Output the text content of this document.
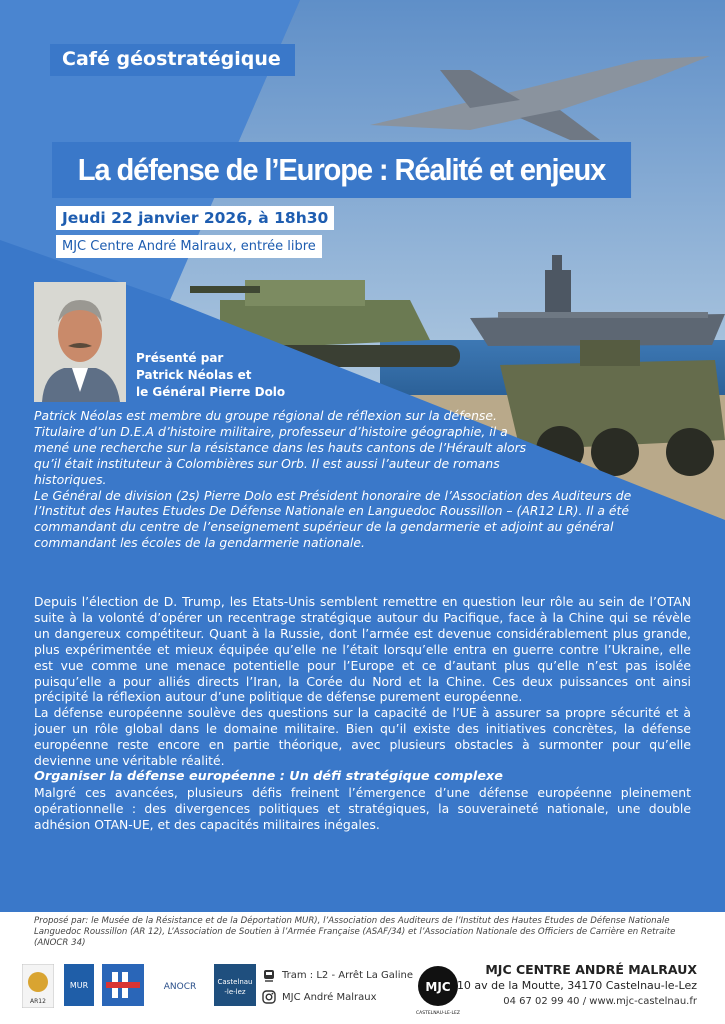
Café géostratégique
La défense de l’Europe : Réalité et enjeux
Jeudi 22 janvier 2026, à 18h30
MJC Centre André Malraux, entrée libre
Présenté par
Patrick Néolas et
le Général Pierre Dolo

Patrick Néolas est membre du groupe régional de réflexion sur la défense. Titulaire d’un D.E.A d’histoire militaire, professeur d’histoire géographie, il a mené une recherche sur la résistance dans les hauts cantons de l’Hérault alors qu’il était instituteur à Colombières sur Orb. Il est aussi l’auteur de romans historiques.

Le Général de division (2s) Pierre Dolo est Président honoraire de l’Association des Auditeurs de l’Institut des Hautes Etudes De Défense Nationale en Languedoc Roussillon – (AR12 LR). Il a été commandant du centre de l’enseignement supérieur de la gendarmerie et adjoint au général commandant les écoles de la gendarmerie nationale.

Depuis l’élection de D. Trump, les Etats-Unis semblent remettre en question leur rôle au sein de l’OTAN suite à la volonté d’opérer un recentrage stratégique autour du Pacifique, face à la Chine qui se révèle un dangereux compétiteur. Quant à la Russie, dont l’armée est devenue considérablement plus grande, plus expérimentée et mieux équipée qu’elle ne l’était lorsqu’elle entra en guerre contre l’Ukraine, elle est vue comme une menace potentielle pour l’Europe et ce d’autant plus qu’elle n’est pas isolée puisqu’elle a pour alliés directs l’Iran, la Corée du Nord et la Chine. Ces deux puissances ont ainsi précipité la réflexion autour d’une politique de défense purement européenne.

La défense européenne soulève des questions sur la capacité de l’UE à assurer sa propre sécurité et à jouer un rôle global dans le domaine militaire. Bien qu’il existe des initiatives concrètes, la défense européenne reste encore en partie théorique, avec plusieurs obstacles à surmonter pour qu’elle devienne une véritable réalité.

Organiser la défense européenne : Un défi stratégique complexe

Malgré ces avancées, plusieurs défis freinent l’émergence d’une défense européenne pleinement opérationnelle : des divergences politiques et stratégiques, la souveraineté nationale, une double adhésion OTAN-UE, et des capacités militaires inégales.

Proposé par: le Musée de la Résistance et de la Déportation MUR), l’Association des Auditeurs de l’Institut des Hautes Etudes de Défense Nationale Languedoc Roussillon (AR 12), L’Association de Soutien à l’Armée Française (ASAF/34) et l’Association Nationale des Officiers de Carrière en Retraite (ANOCR 34)
AR12
MUR	ANOCR	Castelnau
-le-lez
Tram : L2 - Arrêt La Galine
MJC André Malraux
MJC
CASTELNAU-LE-LEZ
MJC CENTRE ANDRÉ MALRAUX
10 av de la Moutte, 34170 Castelnau-le-Lez
04 67 02 99 40 / www.mjc-castelnau.fr
